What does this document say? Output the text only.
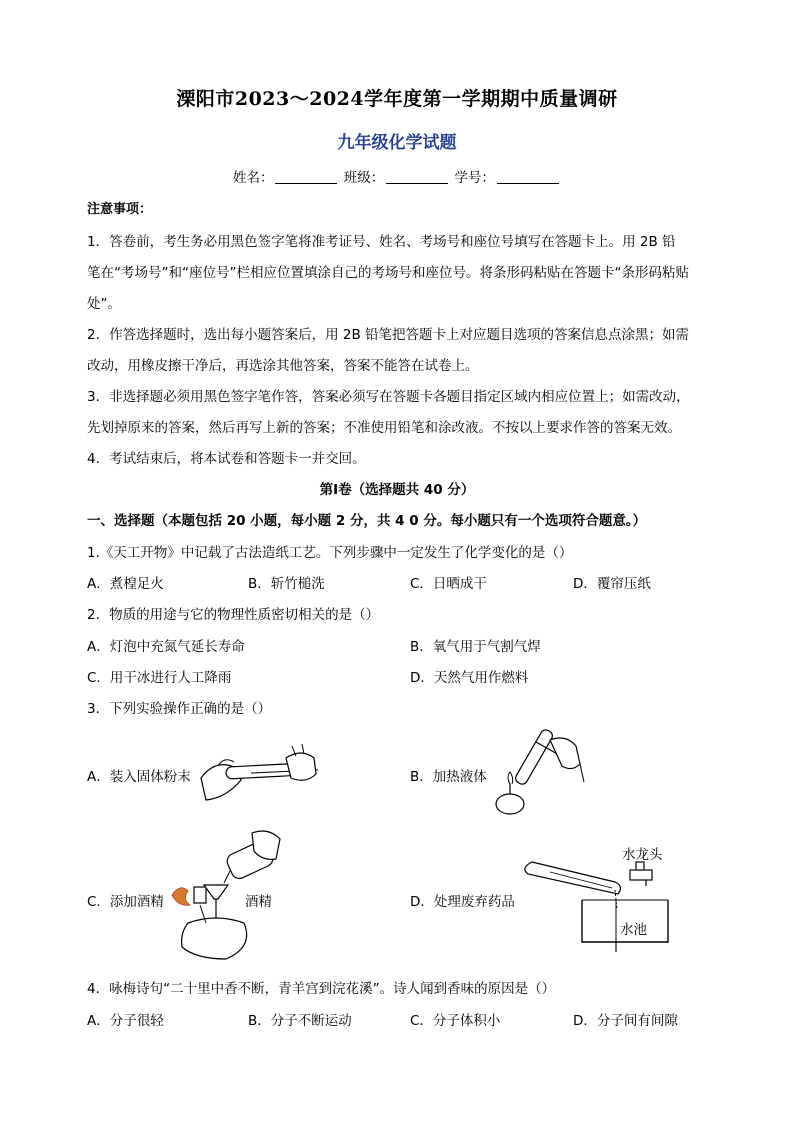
溧阳市2023～2024学年度第一学期期中质量调研
九年级化学试题
姓名：	班级：	学号：
注意事项：
1．答卷前，考生务必用黑色签字笔将准考证号、姓名、考场号和座位号填写在答题卡上。用 2B 铅
笔在“考场号”和“座位号”栏相应位置填涂自己的考场号和座位号。将条形码粘贴在答题卡“条形码粘贴
处”。
2．作答选择题时，选出每小题答案后，用 2B 铅笔把答题卡上对应题目选项的答案信息点涂黑；如需
改动，用橡皮擦干净后，再选涂其他答案，答案不能答在试卷上。
3．非选择题必须用黑色签字笔作答，答案必须写在答题卡各题目指定区域内相应位置上；如需改动，
先划掉原来的答案，然后再写上新的答案；不准使用铅笔和涂改液。不按以上要求作答的答案无效。
4．考试结束后，将本试卷和答题卡一并交回。
第Ⅰ卷（选择题共 40 分）
一、选择题（本题包括 20 小题，每小题 2 分，共 4 0 分。每小题只有一个选项符合题意。）
1.《天工开物》中记载了古法造纸工艺。下列步骤中一定发生了化学变化的是（）
A．煮楻足火	B．斩竹槌洗	C．日晒成干	D．覆帘压纸
2．物质的用途与它的物理性质密切相关的是（）
A．灯泡中充氮气延长寿命	B．氧气用于气割气焊
C．用干冰进行人工降雨	D．天然气用作燃料
3．下列实验操作正确的是（）
A．装入固体粉末	B．加热液体
C．添加酒精	酒精	D．处理废弃药品
水龙头
水池
4．咏梅诗句“二十里中香不断，青羊宫到浣花溪”。诗人闻到香味的原因是（）
A．分子很轻	B．分子不断运动	C．分子体积小	D．分子间有间隙
